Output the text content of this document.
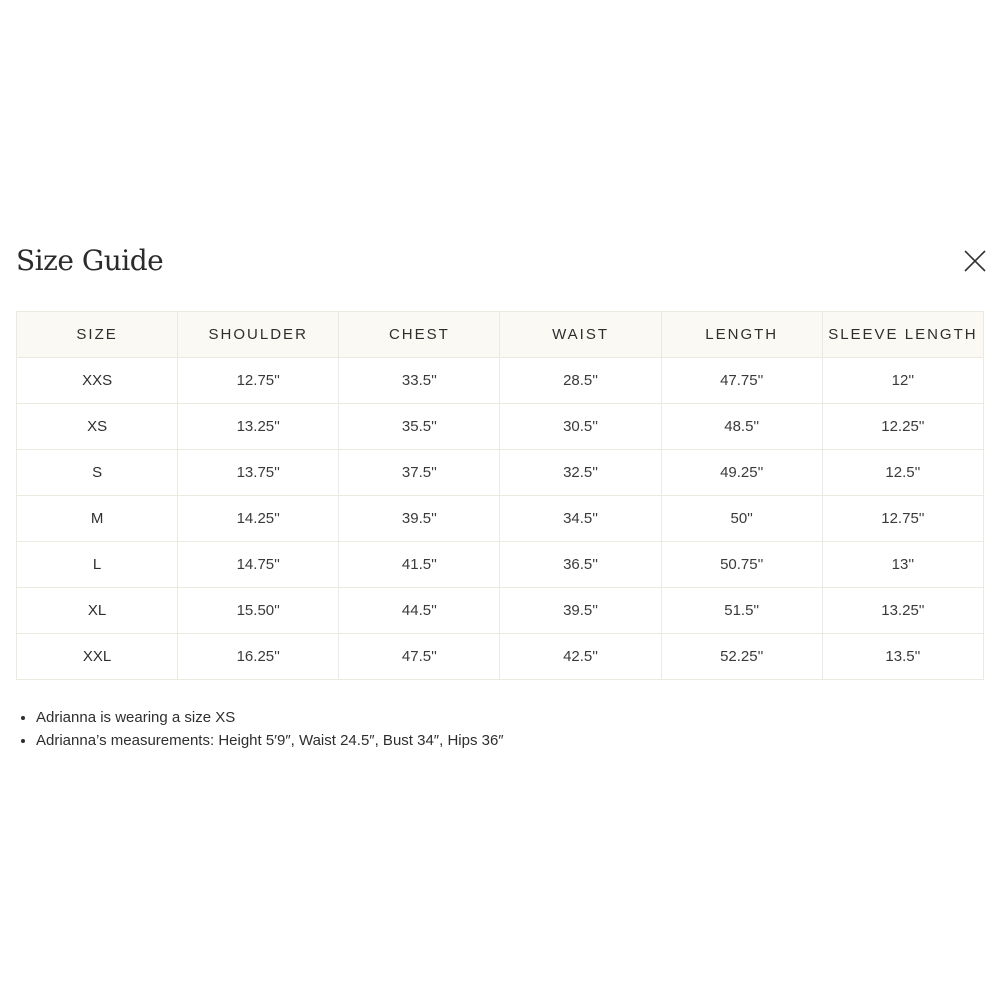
Size Guide
SIZE	SHOULDER	CHEST	WAIST	LENGTH	SLEEVE LENGTH
XXS	12.75''	33.5''	28.5''	47.75''	12''
XS	13.25''	35.5''	30.5''	48.5''	12.25''
S	13.75''	37.5''	32.5''	49.25''	12.5''
M	14.25''	39.5''	34.5''	50''	12.75''
L	14.75''	41.5''	36.5''	50.75''	13''
XL	15.50''	44.5''	39.5''	51.5''	13.25''
XXL	16.25''	47.5''	42.5''	52.25''	13.5''
• Adrianna is wearing a size XS
• Adrianna’s measurements: Height 5′9″, Waist 24.5″, Bust 34″, Hips 36″
